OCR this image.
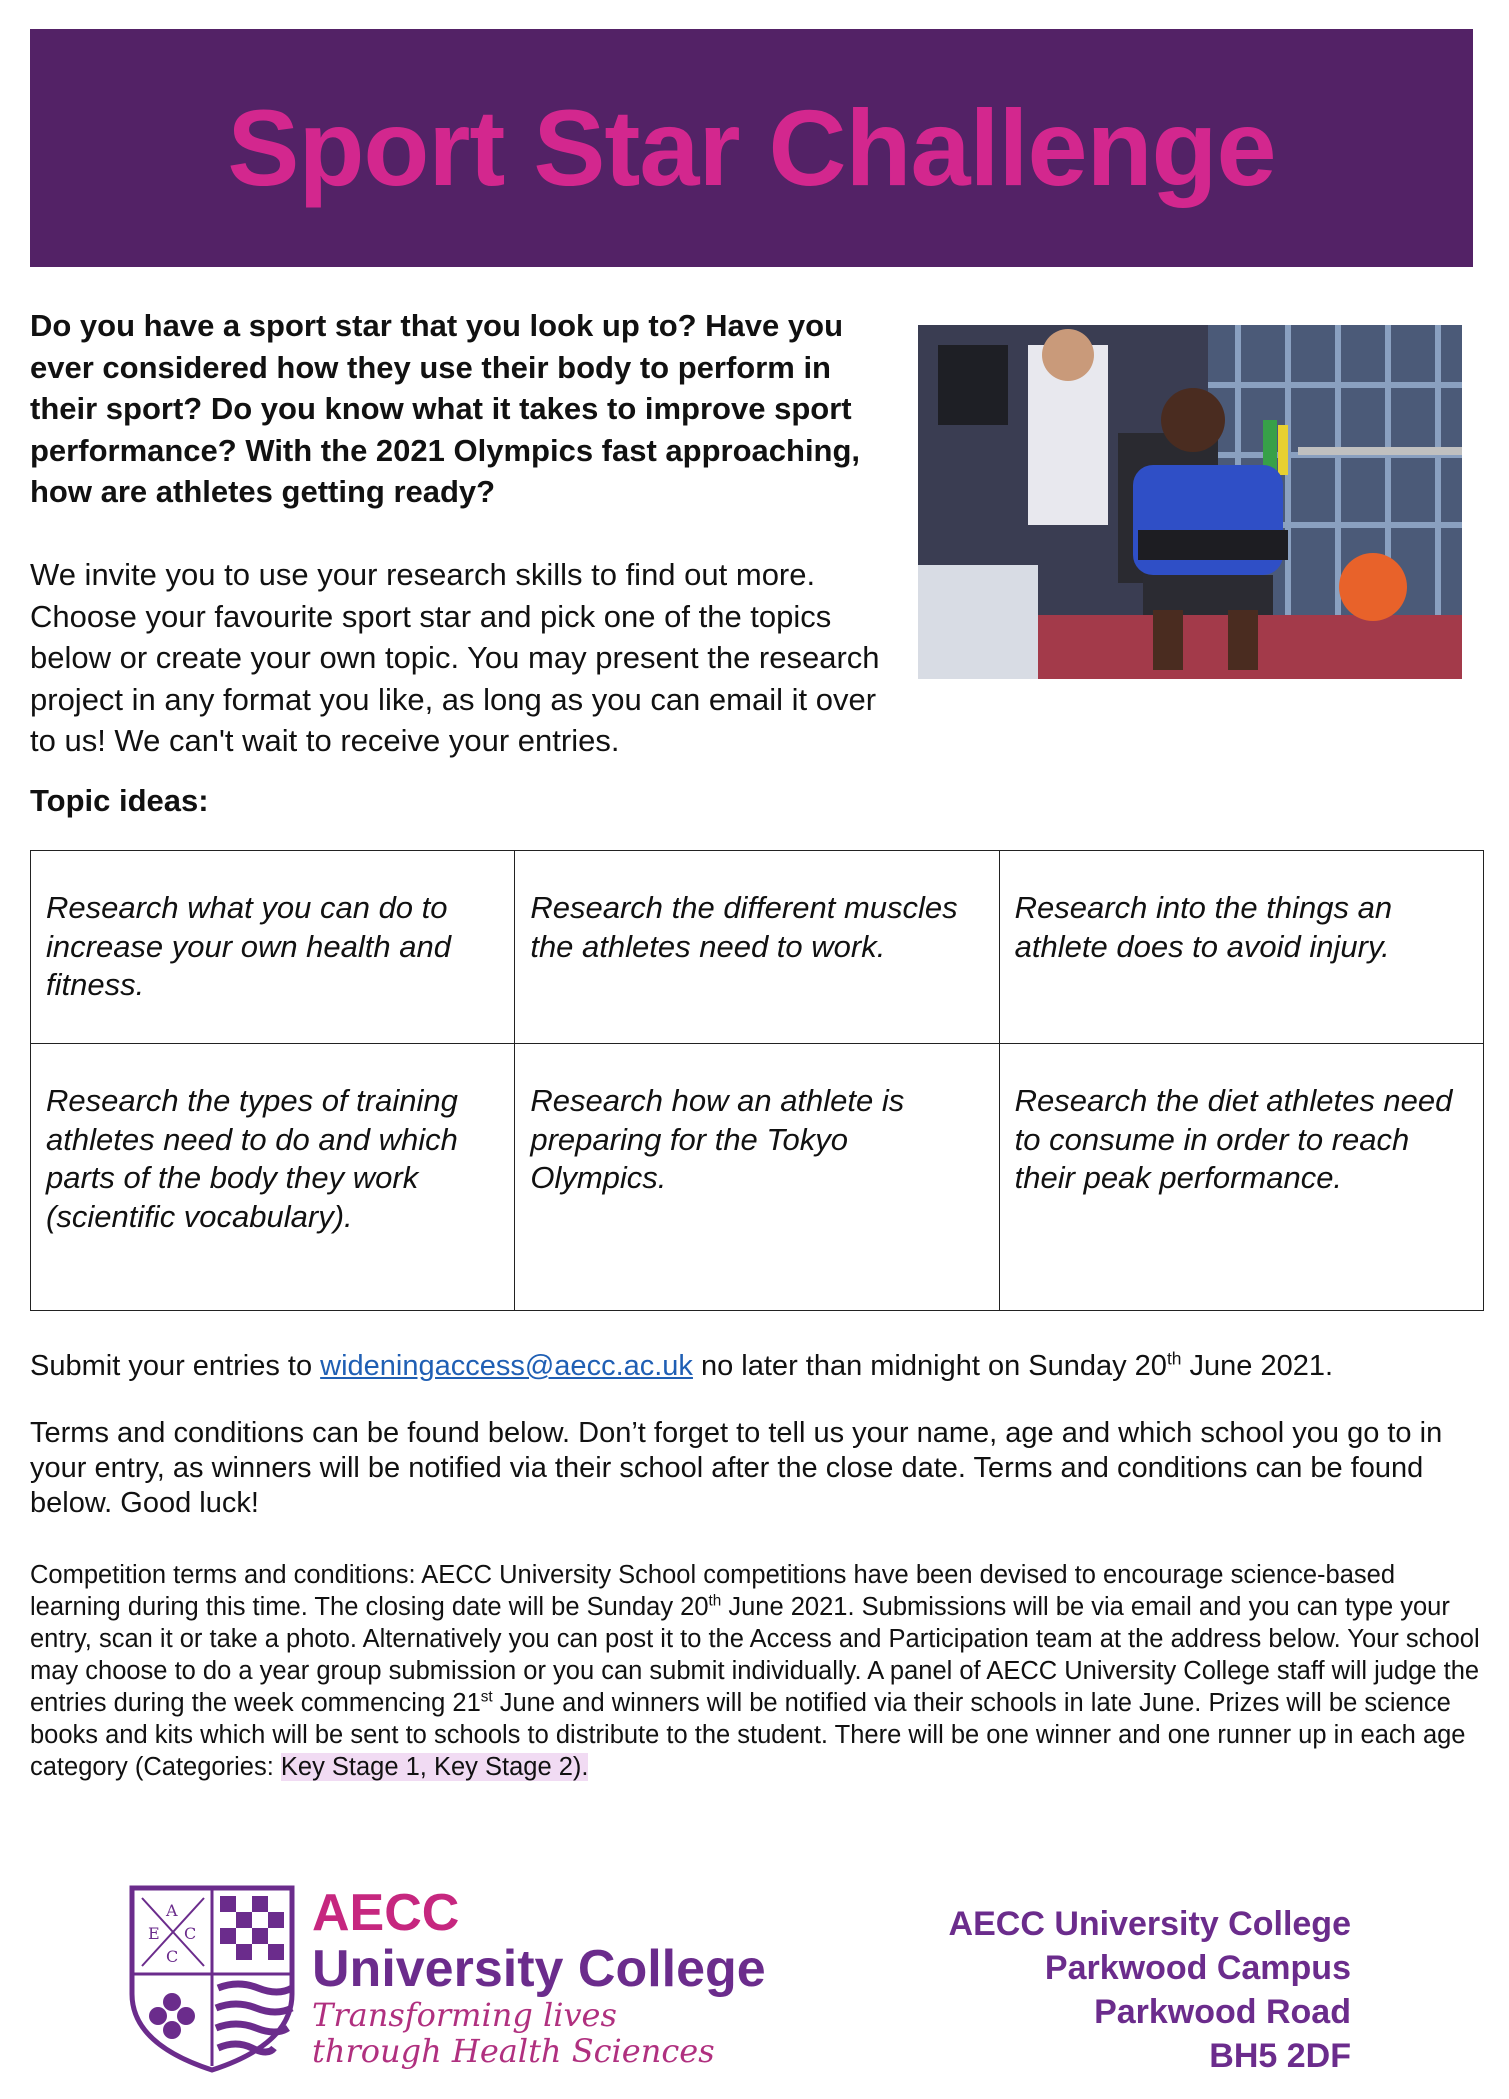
Sport Star Challenge
Do you have a sport star that you look up to? Have you ever considered how they use their body to perform in their sport? Do you know what it takes to improve sport performance? With the 2021 Olympics fast approaching, how are athletes getting ready?
We invite you to use your research skills to find out more. Choose your favourite sport star and pick one of the topics below or create your own topic. You may present the research project in any format you like, as long as you can email it over to us! We can't wait to receive your entries.
Topic ideas:
Research what you can do to increase your own health and fitness.	Research the different muscles the athletes need to work.	Research into the things an athlete does to avoid injury.
Research the types of training athletes need to do and which parts of the body they work (scientific vocabulary).	Research how an athlete is preparing for the Tokyo Olympics.	Research the diet athletes need to consume in order to reach their peak performance.
Submit your entries to wideningaccess@aecc.ac.uk no later than midnight on Sunday 20th June 2021.
Terms and conditions can be found below. Don’t forget to tell us your name, age and which school you go to in your entry, as winners will be notified via their school after the close date. Terms and conditions can be found below. Good luck!
Competition terms and conditions: AECC University School competitions have been devised to encourage science-based learning during this time. The closing date will be Sunday 20th June 2021. Submissions will be via email and you can type your entry, scan it or take a photo. Alternatively you can post it to the Access and Participation team at the address below. Your school may choose to do a year group submission or you can submit individually. A panel of AECC University College staff will judge the entries during the week commencing 21st June and winners will be notified via their schools in late June. Prizes will be science books and kits which will be sent to schools to distribute to the student. There will be one winner and one runner up in each age category (Categories: Key Stage 1, Key Stage 2).
A
E C
C
AECC
University College
Transforming lives
through Health Sciences
AECC University College
Parkwood Campus
Parkwood Road
BH5 2DF
